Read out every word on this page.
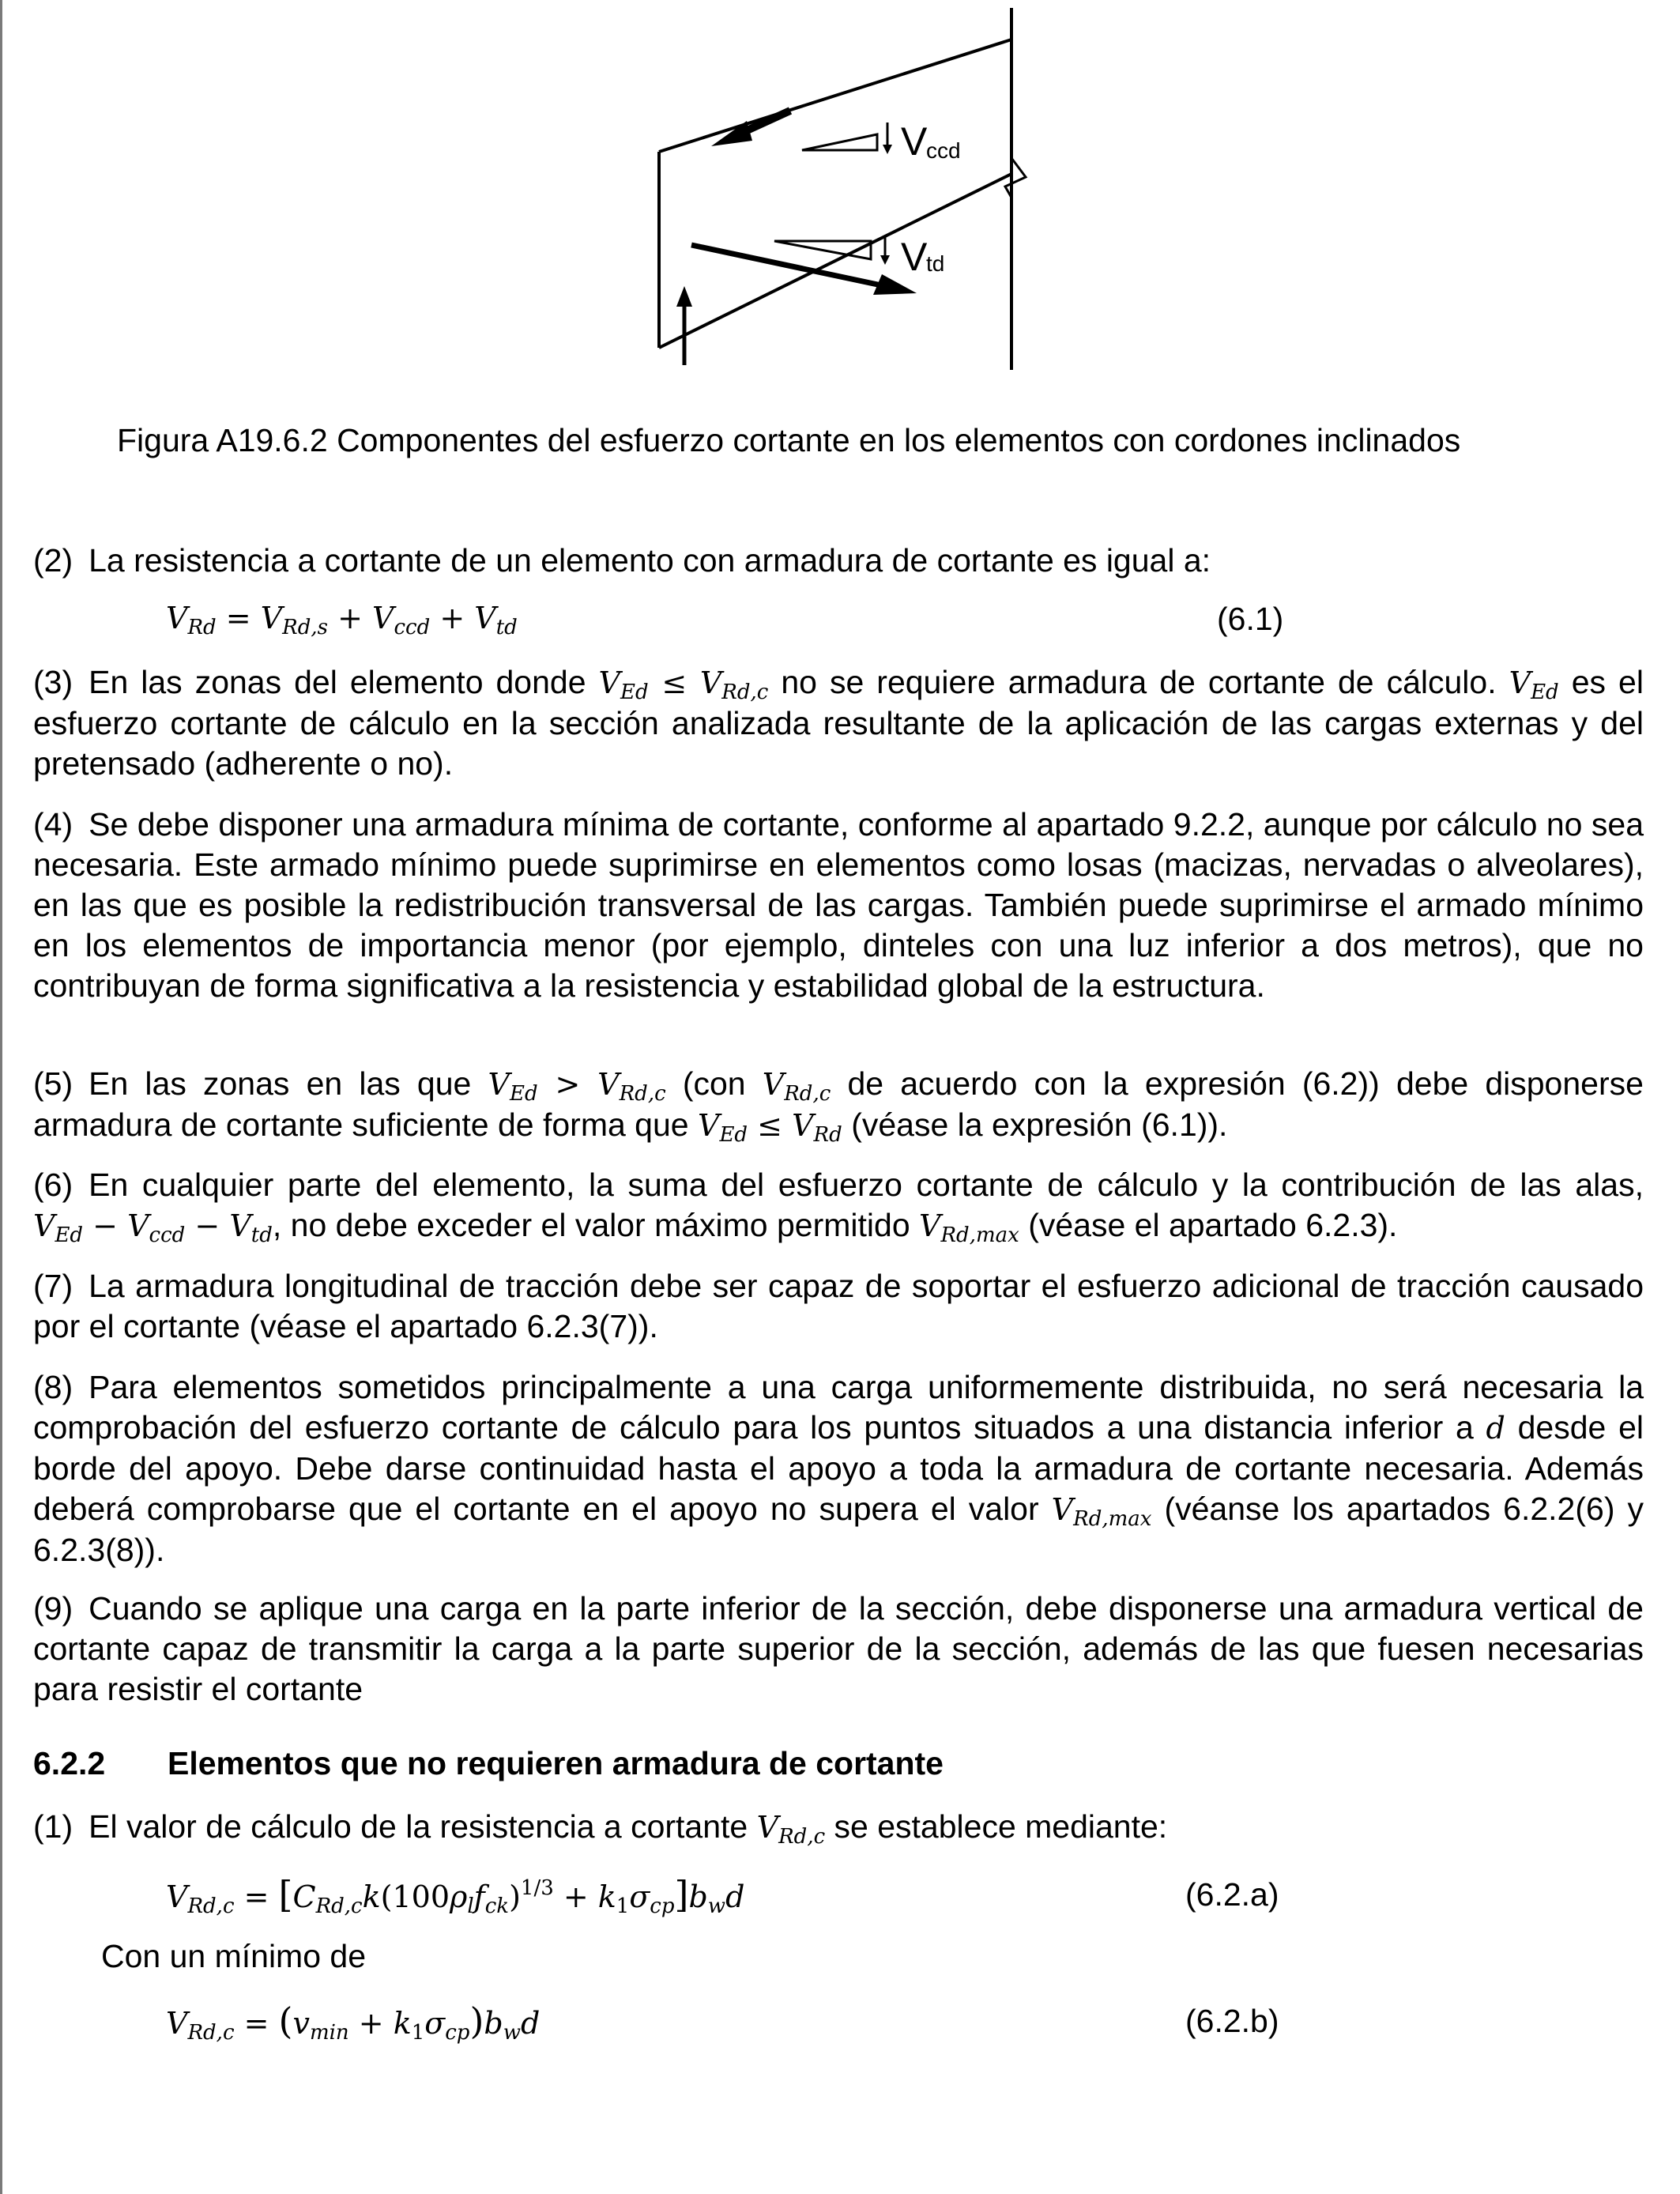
V
ccd
V
td
Figura A19.6.2 Componentes del esfuerzo cortante en los elementos con cordones inclinados
(2) La resistencia a cortante de un elemento con armadura de cortante es igual a:
$V_{Rd} = V_{Rd,s} + V_{ccd} + V_{td}$	(6.1)
(3) En las zonas del elemento donde $V_{Ed} \le V_{Rd,c}$ no se requiere armadura de cortante de cálculo. $V_{Ed}$ es el esfuerzo cortante de cálculo en la sección analizada resultante de la aplicación de las cargas externas y del pretensado (adherente o no).
(4) Se debe disponer una armadura mínima de cortante, conforme al apartado 9.2.2, aunque por cálculo no sea necesaria. Este armado mínimo puede suprimirse en elementos como losas (macizas, nervadas o alveolares), en las que es posible la redistribución transversal de las cargas. También puede suprimirse el armado mínimo en los elementos de importancia menor (por ejemplo, dinteles con una luz inferior a dos metros), que no contribuyan de forma significativa a la resistencia y estabilidad global de la estructura.
(5) En las zonas en las que $V_{Ed} > V_{Rd,c}$ (con $V_{Rd,c}$ de acuerdo con la expresión (6.2)) debe disponerse armadura de cortante suficiente de forma que $V_{Ed} \le V_{Rd}$ (véase la expresión (6.1)).
(6) En cualquier parte del elemento, la suma del esfuerzo cortante de cálculo y la contribución de las alas, $V_{Ed} - V_{ccd} - V_{td}$, no debe exceder el valor máximo permitido $V_{Rd,max}$ (véase el apartado 6.2.3).
(7) La armadura longitudinal de tracción debe ser capaz de soportar el esfuerzo adicional de tracción causado por el cortante (véase el apartado 6.2.3(7)).
(8) Para elementos sometidos principalmente a una carga uniformemente distribuida, no será necesaria la comprobación del esfuerzo cortante de cálculo para los puntos situados a una distancia inferior a d desde el borde del apoyo. Debe darse continuidad hasta el apoyo a toda la armadura de cortante necesaria. Además deberá comprobarse que el cortante en el apoyo no supera el valor $V_{Rd,max}$ (véanse los apartados 6.2.2(6) y 6.2.3(8)).
(9) Cuando se aplique una carga en la parte inferior de la sección, debe disponerse una armadura vertical de cortante capaz de transmitir la carga a la parte superior de la sección, además de las que fuesen necesarias para resistir el cortante
6.2.2 Elementos que no requieren armadura de cortante
(1) El valor de cálculo de la resistencia a cortante $V_{Rd,c}$ se establece mediante:
$V_{Rd,c} = [C_{Rd,c}k(100\rho_lf_{ck})^{1/3} + k_1\sigma_{cp}]b_wd$	(6.2.a)
Con un mínimo de
$V_{Rd,c} = (v_{min} + k_1\sigma_{cp})b_wd$	(6.2.b)
